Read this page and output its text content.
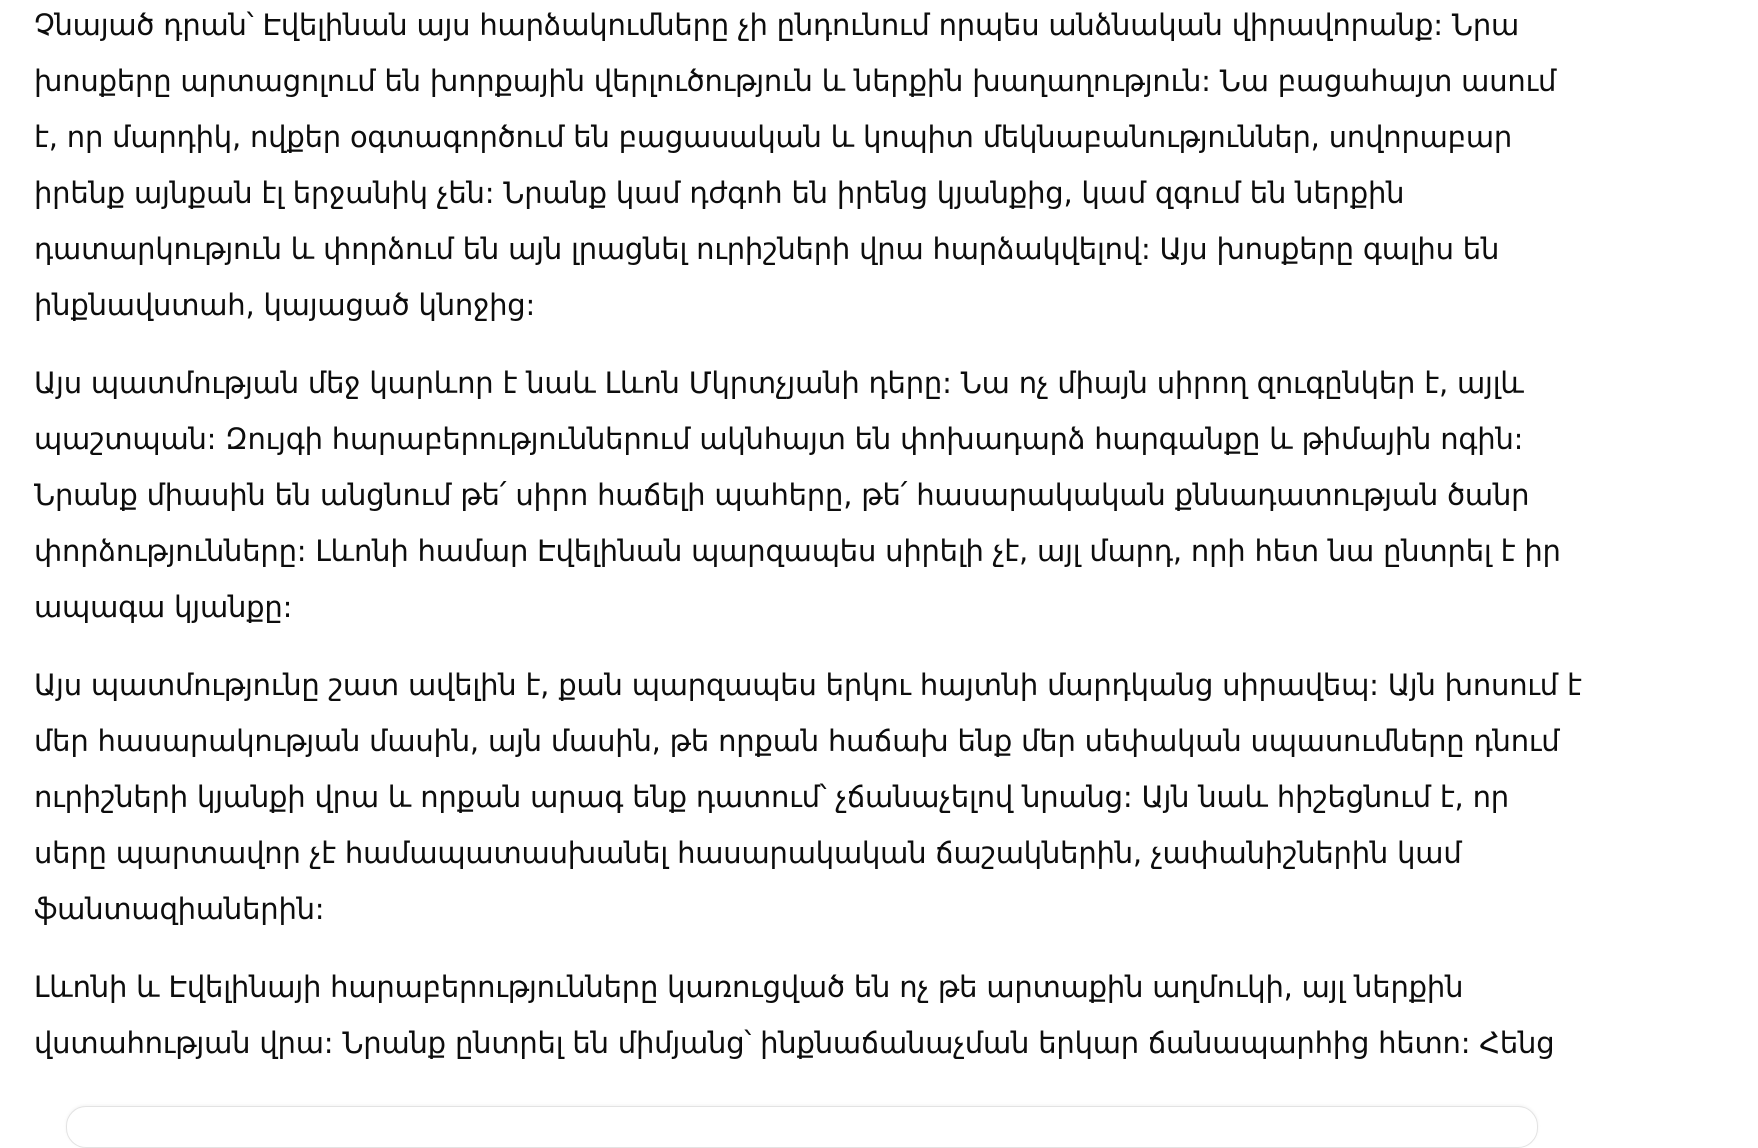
Չնայած դրան՝ Էվելինան այս հարձակումները չի ընդունում որպես անձնական վիրավորանք: Նրա
խոսքերը արտացոլում են խորքային վերլուծություն և ներքին խաղաղություն: Նա բացահայտ ասում
է, որ մարդիկ, ովքեր օգտագործում են բացասական և կոպիտ մեկնաբանություններ, սովորաբար
իրենք այնքան էլ երջանիկ չեն: Նրանք կամ դժգոհ են իրենց կյանքից, կամ զգում են ներքին
դատարկություն և փորձում են այն լրացնել ուրիշների վրա հարձակվելով: Այս խոսքերը գալիս են
ինքնավստահ, կայացած կնոջից:

Այս պատմության մեջ կարևոր է նաև Լևոն Մկրտչյանի դերը: Նա ոչ միայն սիրող զուգընկեր է, այլև
պաշտպան: Զույգի հարաբերություններում ակնհայտ են փոխադարձ հարգանքը և թիմային ոգին:
Նրանք միասին են անցնում թե՛ սիրո հաճելի պահերը, թե՛ հասարակական քննադատության ծանր
փորձությունները: Լևոնի համար Էվելինան պարզապես սիրելի չէ, այլ մարդ, որի հետ նա ընտրել է իր
ապագա կյանքը:

Այս պատմությունը շատ ավելին է, քան պարզապես երկու հայտնի մարդկանց սիրավեպ: Այն խոսում է
մեր հասարակության մասին, այն մասին, թե որքան հաճախ ենք մեր սեփական սպասումները դնում
ուրիշների կյանքի վրա և որքան արագ ենք դատում՝ չճանաչելով նրանց: Այն նաև հիշեցնում է, որ
սերը պարտավոր չէ համապատասխանել հասարակական ճաշակներին, չափանիշներին կամ
ֆանտազիաներին:

Լևոնի և Էվելինայի հարաբերությունները կառուցված են ոչ թե արտաքին աղմուկի, այլ ներքին
վստահության վրա: Նրանք ընտրել են միմյանց՝ ինքնաճանաչման երկար ճանապարհից հետո: Հենց
